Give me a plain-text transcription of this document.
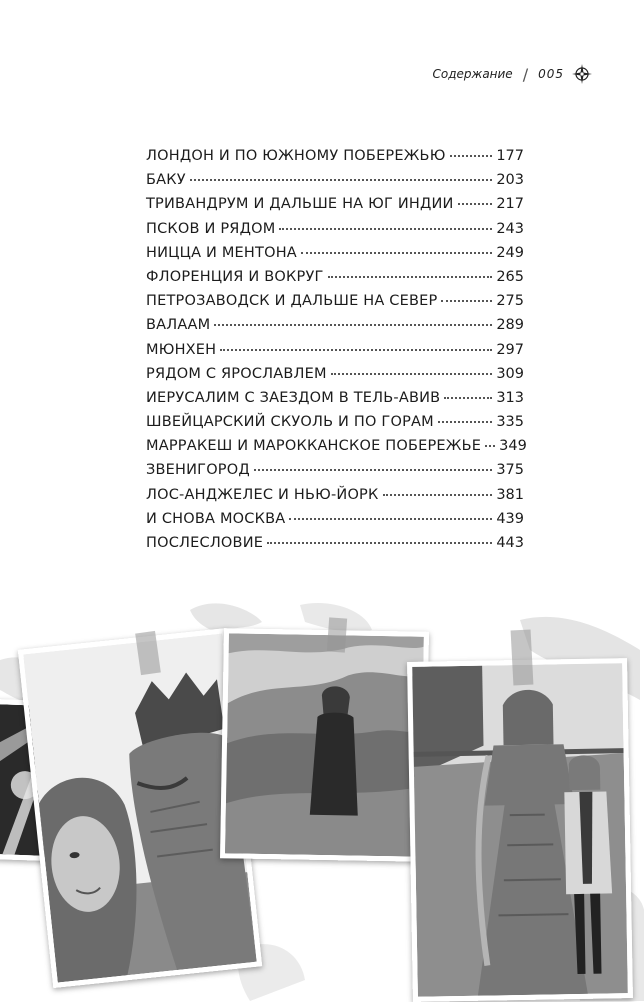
Содержание / 005
ЛОНДОН И ПО ЮЖНОМУ ПОБЕРЕЖЬЮ	177
БАКУ	203
ТРИВАНДРУМ И ДАЛЬШЕ НА ЮГ ИНДИИ	217
ПСКОВ И РЯДОМ	243
НИЦЦА И МЕНТОНА	249
ФЛОРЕНЦИЯ И ВОКРУГ	265
ПЕТРОЗАВОДСК И ДАЛЬШЕ НА СЕВЕР	275
ВАЛААМ	289
МЮНХЕН	297
РЯДОМ С ЯРОСЛАВЛЕМ	309
ИЕРУСАЛИМ С ЗАЕЗДОМ В ТЕЛЬ-АВИВ	313
ШВЕЙЦАРСКИЙ СКУОЛЬ И ПО ГОРАМ	335
МАРРАКЕШ И МАРОККАНСКОЕ ПОБЕРЕЖЬЕ 349
ЗВЕНИГОРОД	375
ЛОС-АНДЖЕЛЕС И НЬЮ-ЙОРК	381
И СНОВА МОСКВА	439
ПОСЛЕСЛОВИЕ	443
